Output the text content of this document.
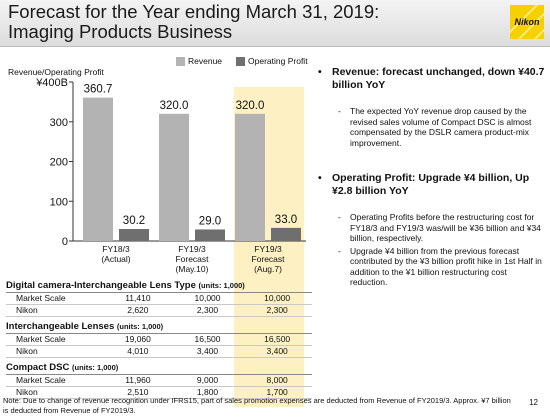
Forecast for the Year ending March 31, 2019:
Imaging Products Business	Nikon
Revenue	Operating Profit
Revenue/Operating Profit
0
100
200
300
¥400B
360.7
30.2
FY18/3
(Actual)
320.0
29.0
FY19/3
Forecast
(May.10)
320.0
33.0
FY19/3
Forecast
(Aug.7)
Digital camera-Interchangeable Lens Type (units: 1,000)
Market Scale	11,410	10,000	10,000
Nikon	2,620	2,300	2,300
Interchangeable Lenses (units: 1,000)
Market Scale	19,060	16,500	16,500
Nikon	4,010	3,400	3,400
Compact DSC (units: 1,000)
Market Scale	11,960	9,000	8,000
Nikon	2,510	1,800	1,700
• Revenue: forecast unchanged, down ¥40.7 billion YoY
- The expected YoY revenue drop caused by the revised sales volume of Compact DSC is almost compensated by the DSLR camera product-mix improvement.
• Operating Profit: Upgrade ¥4 billion, Up ¥2.8 billion YoY
- Operating Profits before the restructuring cost for FY18/3 and FY19/3 was/will be ¥36 billion and ¥34 billion, respectively.
- Upgrade ¥4 billion from the previous forecast contributed by the ¥3 billion profit hike in 1st Half in addition to the ¥1 billion restructuring cost reduction.
Note: Due to change of revenue recognition under IFRS15, part of sales promotion expenses are deducted from Revenue of FY2019/3. Approx. ¥7 billion is deducted from Revenue of FY2019/3.
12
